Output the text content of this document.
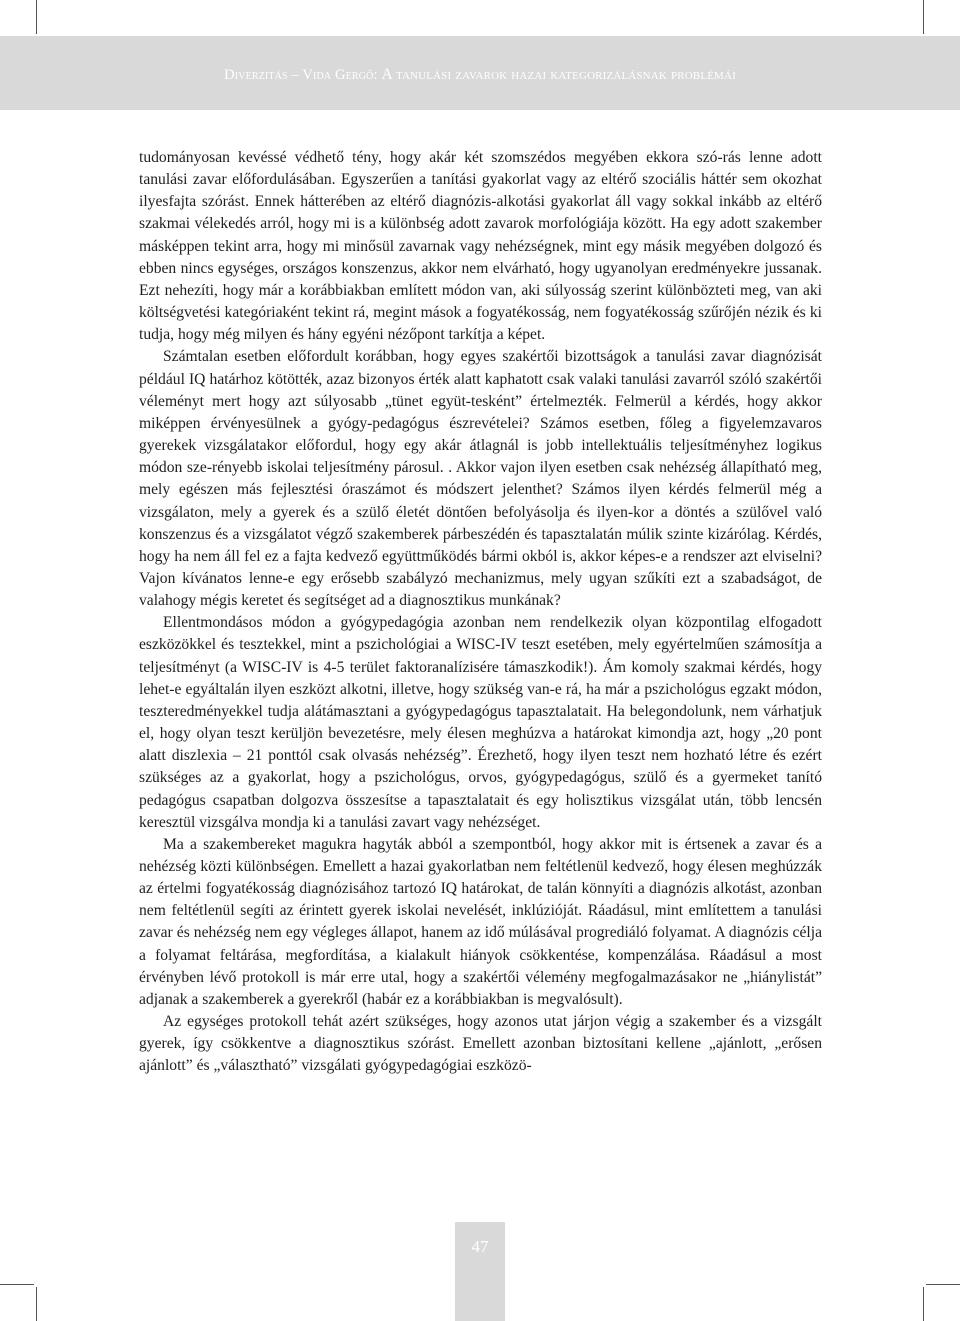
Diverzitás – Vida Gergő: A tanulási zavarok hazai kategorizálásnak problémái

tudományosan kevéssé védhető tény, hogy akár két szomszédos megyében ekkora szó-rás lenne adott tanulási zavar előfordulásában. Egyszerűen a tanítási gyakorlat vagy az eltérő szociális háttér sem okozhat ilyesfajta szórást. Ennek hátterében az eltérő diagnózis-alkotási gyakorlat áll vagy sokkal inkább az eltérő szakmai vélekedés arról, hogy mi is a különbség adott zavarok morfológiája között. Ha egy adott szakember másképpen tekint arra, hogy mi minősül zavarnak vagy nehézségnek, mint egy másik megyében dolgozó és ebben nincs egységes, országos konszenzus, akkor nem elvárható, hogy ugyanolyan eredményekre jussanak. Ezt nehezíti, hogy már a korábbiakban említett módon van, aki súlyosság szerint különbözteti meg, van aki költségvetési kategóriaként tekint rá, megint mások a fogyatékosság, nem fogyatékosság szűrőjén nézik és ki tudja, hogy még milyen és hány egyéni nézőpont tarkítja a képet.

Számtalan esetben előfordult korábban, hogy egyes szakértői bizottságok a tanulási zavar diagnózisát például IQ határhoz kötötték, azaz bizonyos érték alatt kaphatott csak valaki tanulási zavarról szóló szakértői véleményt mert hogy azt súlyosabb „tünet együt-tesként” értelmezték. Felmerül a kérdés, hogy akkor miképpen érvényesülnek a gyógy-pedagógus észrevételei? Számos esetben, főleg a figyelemzavaros gyerekek vizsgálatakor előfordul, hogy egy akár átlagnál is jobb intellektuális teljesítményhez logikus módon sze-rényebb iskolai teljesítmény párosul. . Akkor vajon ilyen esetben csak nehézség állapítható meg, mely egészen más fejlesztési óraszámot és módszert jelenthet? Számos ilyen kérdés felmerül még a vizsgálaton, mely a gyerek és a szülő életét döntően befolyásolja és ilyen-kor a döntés a szülővel való konszenzus és a vizsgálatot végző szakemberek párbeszédén és tapasztalatán múlik szinte kizárólag. Kérdés, hogy ha nem áll fel ez a fajta kedvező együttműködés bármi okból is, akkor képes-e a rendszer azt elviselni? Vajon kívánatos lenne-e egy erősebb szabályzó mechanizmus, mely ugyan szűkíti ezt a szabadságot, de valahogy mégis keretet és segítséget ad a diagnosztikus munkának?

Ellentmondásos módon a gyógypedagógia azonban nem rendelkezik olyan központilag elfogadott eszközökkel és tesztekkel, mint a pszichológiai a WISC-IV teszt esetében, mely egyértelműen számosítja a teljesítményt (a WISC-IV is 4-5 terület faktoranalízisére támaszkodik!). Ám komoly szakmai kérdés, hogy lehet-e egyáltalán ilyen eszközt alkotni, illetve, hogy szükség van-e rá, ha már a pszichológus egzakt módon, teszteredményekkel tudja alátámasztani a gyógypedagógus tapasztalatait. Ha belegondolunk, nem várhatjuk el, hogy olyan teszt kerüljön bevezetésre, mely élesen meghúzva a határokat kimondja azt, hogy „20 pont alatt diszlexia – 21 ponttól csak olvasás nehézség”. Érezhető, hogy ilyen teszt nem hozható létre és ezért szükséges az a gyakorlat, hogy a pszichológus, orvos, gyógypedagógus, szülő és a gyermeket tanító pedagógus csapatban dolgozva összesítse a tapasztalatait és egy holisztikus vizsgálat után, több lencsén keresztül vizsgálva mondja ki a tanulási zavart vagy nehézséget.

Ma a szakembereket magukra hagyták abból a szempontból, hogy akkor mit is értsenek a zavar és a nehézség közti különbségen. Emellett a hazai gyakorlatban nem feltétlenül kedvező, hogy élesen meghúzzák az értelmi fogyatékosság diagnózisához tartozó IQ határokat, de talán könnyíti a diagnózis alkotást, azonban nem feltétlenül segíti az érintett gyerek iskolai nevelését, inklúzióját. Ráadásul, mint említettem a tanulási zavar és nehézség nem egy végleges állapot, hanem az idő múlásával progrediáló folyamat. A diagnózis célja a folyamat feltárása, megfordítása, a kialakult hiányok csökkentése, kompenzálása. Ráadásul a most érvényben lévő protokoll is már erre utal, hogy a szakértői vélemény megfogalmazásakor ne „hiánylistát” adjanak a szakemberek a gyerekről (habár ez a korábbiakban is megvalósult).

Az egységes protokoll tehát azért szükséges, hogy azonos utat járjon végig a szakember és a vizsgált gyerek, így csökkentve a diagnosztikus szórást. Emellett azonban biztosítani kellene „ajánlott, „erősen ajánlott” és „választható” vizsgálati gyógypedagógiai eszközö-

47
